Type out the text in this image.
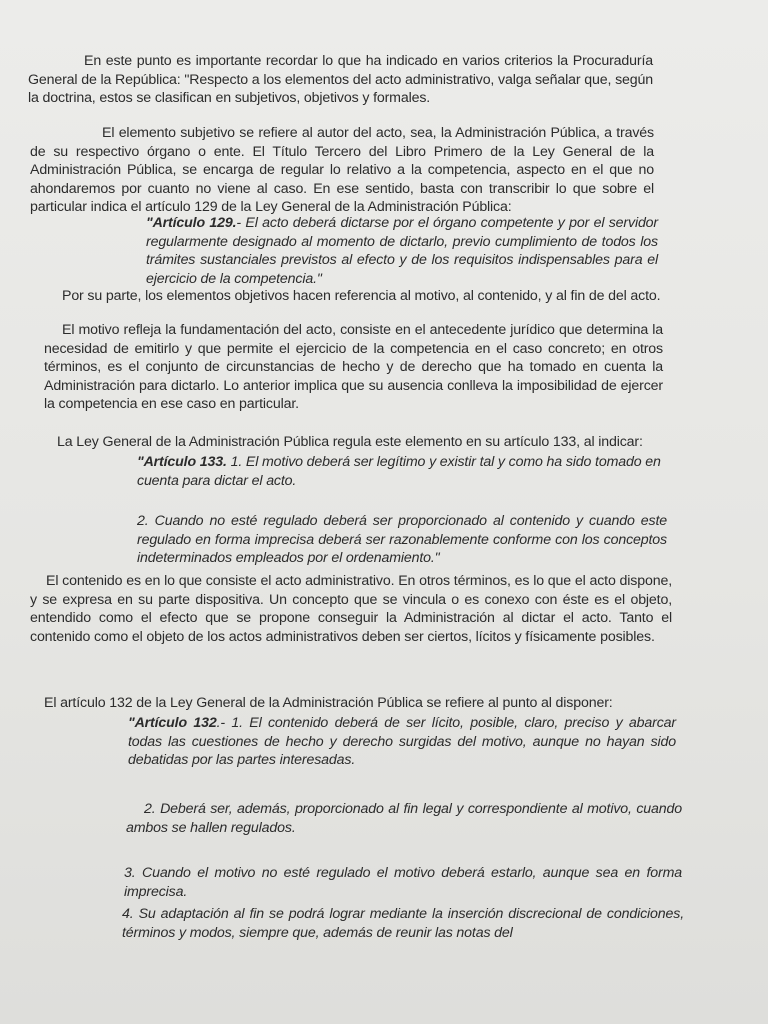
En este punto es importante recordar lo que ha indicado en varios criterios la Procuraduría General de la República: "Respecto a los elementos del acto administrativo, valga señalar que, según la doctrina, estos se clasifican en subjetivos, objetivos y formales.
El elemento subjetivo se refiere al autor del acto, sea, la Administración Pública, a través de su respectivo órgano o ente. El Título Tercero del Libro Primero de la Ley General de la Administración Pública, se encarga de regular lo relativo a la competencia, aspecto en el que no ahondaremos por cuanto no viene al caso. En ese sentido, basta con transcribir lo que sobre el particular indica el artículo 129 de la Ley General de la Administración Pública:
"Artículo 129.- El acto deberá dictarse por el órgano competente y por el servidor regularmente designado al momento de dictarlo, previo cumplimiento de todos los trámites sustanciales previstos al efecto y de los requisitos indispensables para el ejercicio de la competencia."
Por su parte, los elementos objetivos hacen referencia al motivo, al contenido, y al fin de del acto.
El motivo refleja la fundamentación del acto, consiste en el antecedente jurídico que determina la necesidad de emitirlo y que permite el ejercicio de la competencia en el caso concreto; en otros términos, es el conjunto de circunstancias de hecho y de derecho que ha tomado en cuenta la Administración para dictarlo. Lo anterior implica que su ausencia conlleva la imposibilidad de ejercer la competencia en ese caso en particular.
La Ley General de la Administración Pública regula este elemento en su artículo 133, al indicar:
"Artículo 133. 1. El motivo deberá ser legítimo y existir tal y como ha sido tomado en cuenta para dictar el acto.
2. Cuando no esté regulado deberá ser proporcionado al contenido y cuando este regulado en forma imprecisa deberá ser razonablemente conforme con los conceptos indeterminados empleados por el ordenamiento."
El contenido es en lo que consiste el acto administrativo. En otros términos, es lo que el acto dispone, y se expresa en su parte dispositiva. Un concepto que se vincula o es conexo con éste es el objeto, entendido como el efecto que se propone conseguir la Administración al dictar el acto. Tanto el contenido como el objeto de los actos administrativos deben ser ciertos, lícitos y físicamente posibles.
El artículo 132 de la Ley General de la Administración Pública se refiere al punto al disponer:
"Artículo 132.- 1. El contenido deberá de ser lícito, posible, claro, preciso y abarcar todas las cuestiones de hecho y derecho surgidas del motivo, aunque no hayan sido debatidas por las partes interesadas.
2. Deberá ser, además, proporcionado al fin legal y correspondiente al motivo, cuando ambos se hallen regulados.
3. Cuando el motivo no esté regulado el motivo deberá estarlo, aunque sea en forma imprecisa.
4. Su adaptación al fin se podrá lograr mediante la inserción discrecional de condiciones, términos y modos, siempre que, además de reunir las notas del
